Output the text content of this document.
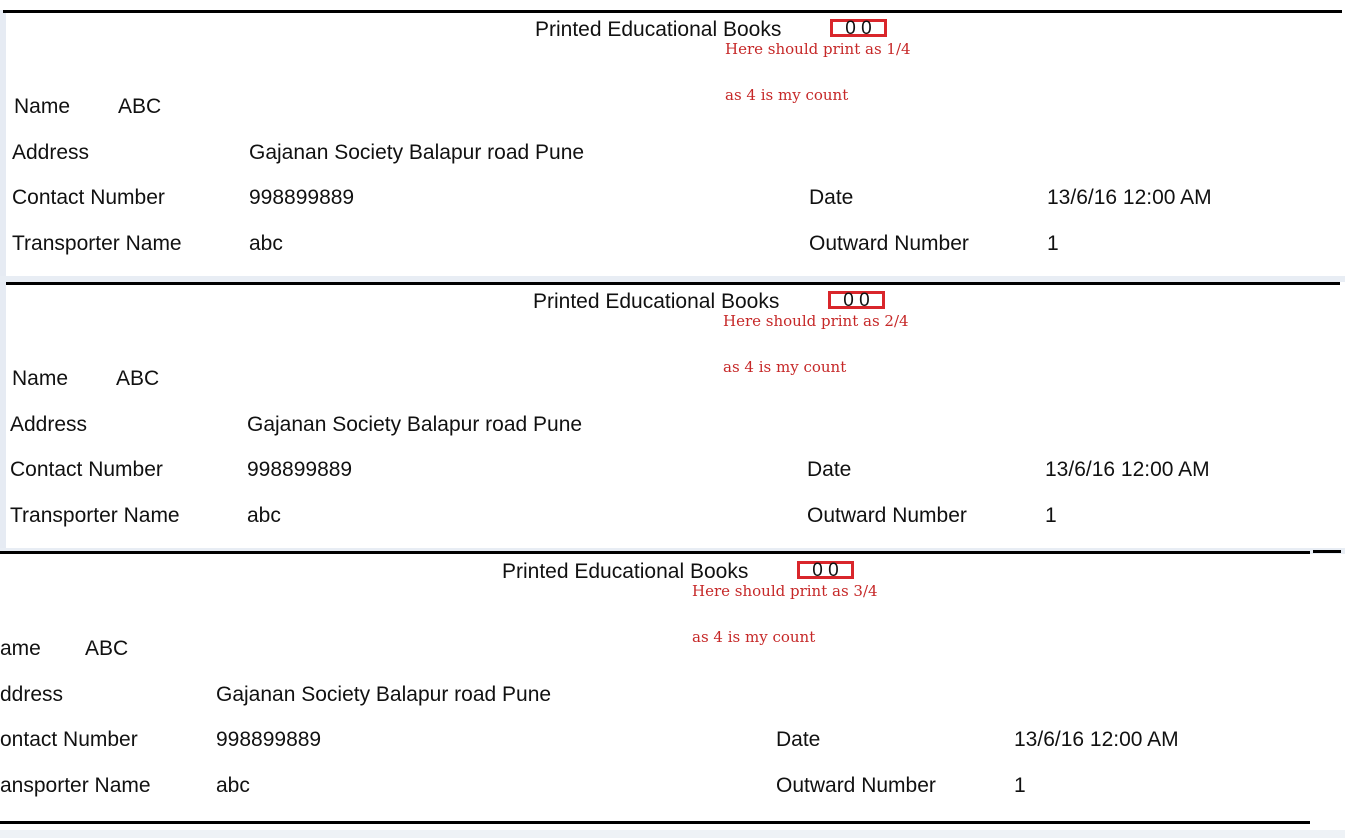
Printed Educational Books	0 0
Here should print as 1/4
as 4 is my count
Name ABC
Address	Gajanan Society Balapur road Pune
Contact Number	998899889	Date	13/6/16 12:00 AM
Transporter Name	abc	Outward Number	1
Printed Educational Books	0 0
Here should print as 2/4
as 4 is my count
Name ABC
Address	Gajanan Society Balapur road Pune
Contact Number	998899889	Date	13/6/16 12:00 AM
Transporter Name	abc	Outward Number	1
Printed Educational Books	0 0
Here should print as 3/4
as 4 is my count
ame ABC
ddress	Gajanan Society Balapur road Pune
ontact Number	998899889	Date	13/6/16 12:00 AM
ansporter Name	abc	Outward Number	1
